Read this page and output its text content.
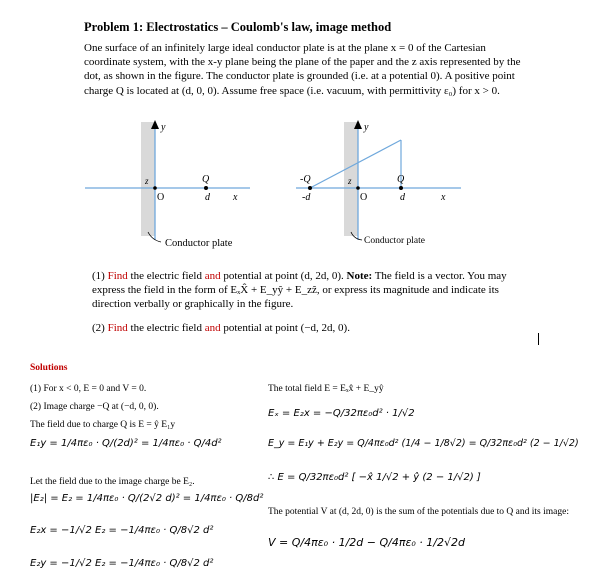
Problem 1: Electrostatics – Coulomb's law, image method
One surface of an infinitely large ideal conductor plate is at the plane x = 0 of the Cartesian coordinate system, with the x-y plane being the plane of the paper and the z axis represented by the dot, as shown in the figure. The conductor plate is grounded (i.e. at a potential 0). A positive point charge Q is located at (d, 0, 0). Assume free space (i.e. vacuum, with permittivity ε₀) for x > 0.
y
z
O
Q
d x
Conductor plate
y
z
O
Q
d
-Q
-d	x
Conductor plate
(1) Find the electric field and potential at point (d, 2d, 0). Note: The field is a vector. You may express the field in the form of EₓX̂ + E_yŷ + E_zẑ, or express its magnitude and indicate its direction verbally or graphically in the figure.
(2) Find the electric field and potential at point (−d, 2d, 0).
Solutions
(1) For x < 0, E = 0 and V = 0.
(2) Image charge −Q at (−d, 0, 0).
The field due to charge Q is E = ŷ E₁y
E₁y = 1/4πε₀ · Q/(2d)² = 1/4πε₀ · Q/4d²
Let the field due to the image charge be E₂.
|E₂| = E₂ = 1/4πε₀ · Q/(2√2 d)² = 1/4πε₀ · Q/8d²
E₂x = −1/√2 E₂ = −1/4πε₀ · Q/8√2 d²
E₂y = −1/√2 E₂ = −1/4πε₀ · Q/8√2 d²
The total field E = Eₓx̂ + E_yŷ
Eₓ = E₂x = −Q/32πε₀d² · 1/√2
E_y = E₁y + E₂y = Q/4πε₀d² (1/4 − 1/8√2) = Q/32πε₀d² (2 − 1/√2)
∴ E = Q/32πε₀d² [ −x̂ 1/√2 + ŷ (2 − 1/√2) ]
The potential V at (d, 2d, 0) is the sum of the potentials due to Q and its image:
V = Q/4πε₀ · 1/2d − Q/4πε₀ · 1/2√2d
